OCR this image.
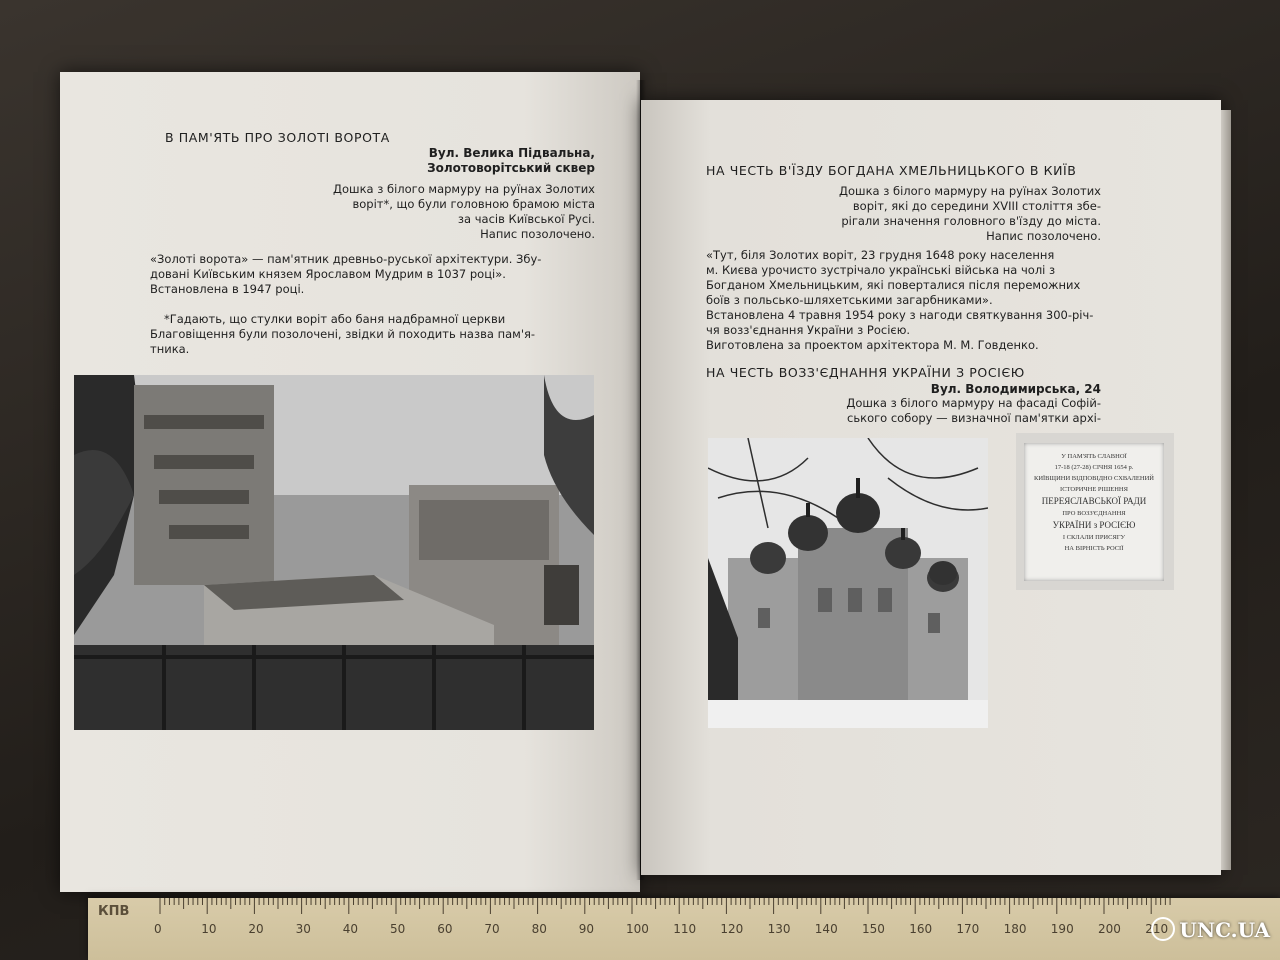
В ПАМ'ЯТЬ ПРО ЗОЛОТІ ВОРОТА

Вул. Велика Підвальна,
Золотоворітський сквер
Дошка з білого мармуру на руїнах Золотих
воріт*, що були головною брамою міста
за часів Київської Русі.
Напис позолочено.
«Золоті ворота» — пам'ятник древньо-руської архітектури. Збу-
довані Київським князем Ярославом Мудрим в 1037 році».
Встановлена в 1947 році.
*Гадають, що стулки воріт або баня надбрамної церкви
Благовіщення були позолочені, звідки й походить назва пам'я-
тника.

НА ЧЕСТЬ В'ЇЗДУ БОГДАНА ХМЕЛЬНИЦЬКОГО В КИЇВ

Дошка з білого мармуру на руїнах Золотих
воріт, які до середини XVIII століття збе-
рігали значення головного в'їзду до міста.
Напис позолочено.
«Тут, біля Золотих воріт, 23 грудня 1648 року населення
м. Києва урочисто зустрічало українські війська на чолі з
Богданом Хмельницьким, які поверталися після переможних
боїв з польсько-шляхетськими загарбниками».
Встановлена 4 травня 1954 року з нагоди святкування 300-річ-
чя возз'єднання України з Росією.
Виготовлена за проектом архітектора М. М. Говденко.

НА ЧЕСТЬ ВОЗЗ'ЄДНАННЯ УКРАЇНИ З РОСІЄЮ

Вул. Володимирська, 24

Дошка з білого мармуру на фасаді Софій-
ського собору — визначної пам'ятки архі-
У ПАМ'ЯТЬ СЛАВНОЇ
17-18 (27-28) СІЧНЯ 1654 р.
КИЇВЩИНИ ВІДПОВІДНО СХВАЛЕНИЙ
ІСТОРИЧНЕ РІШЕННЯ
ПЕРЕЯСЛАВСЬКОЇ РАДИ
ПРО ВОЗЗ'ЄДНАННЯ
УКРАЇНИ з РОСІЄЮ
І СКЛАЛИ ПРИСЯГУ
НА ВІРНІСТЬ РОСІЇ
КПВ
0	10	20	30	40	50	60	70	80	90	100 110 120 130 140 150 160 170 180 190 200 210 UNC.UA
